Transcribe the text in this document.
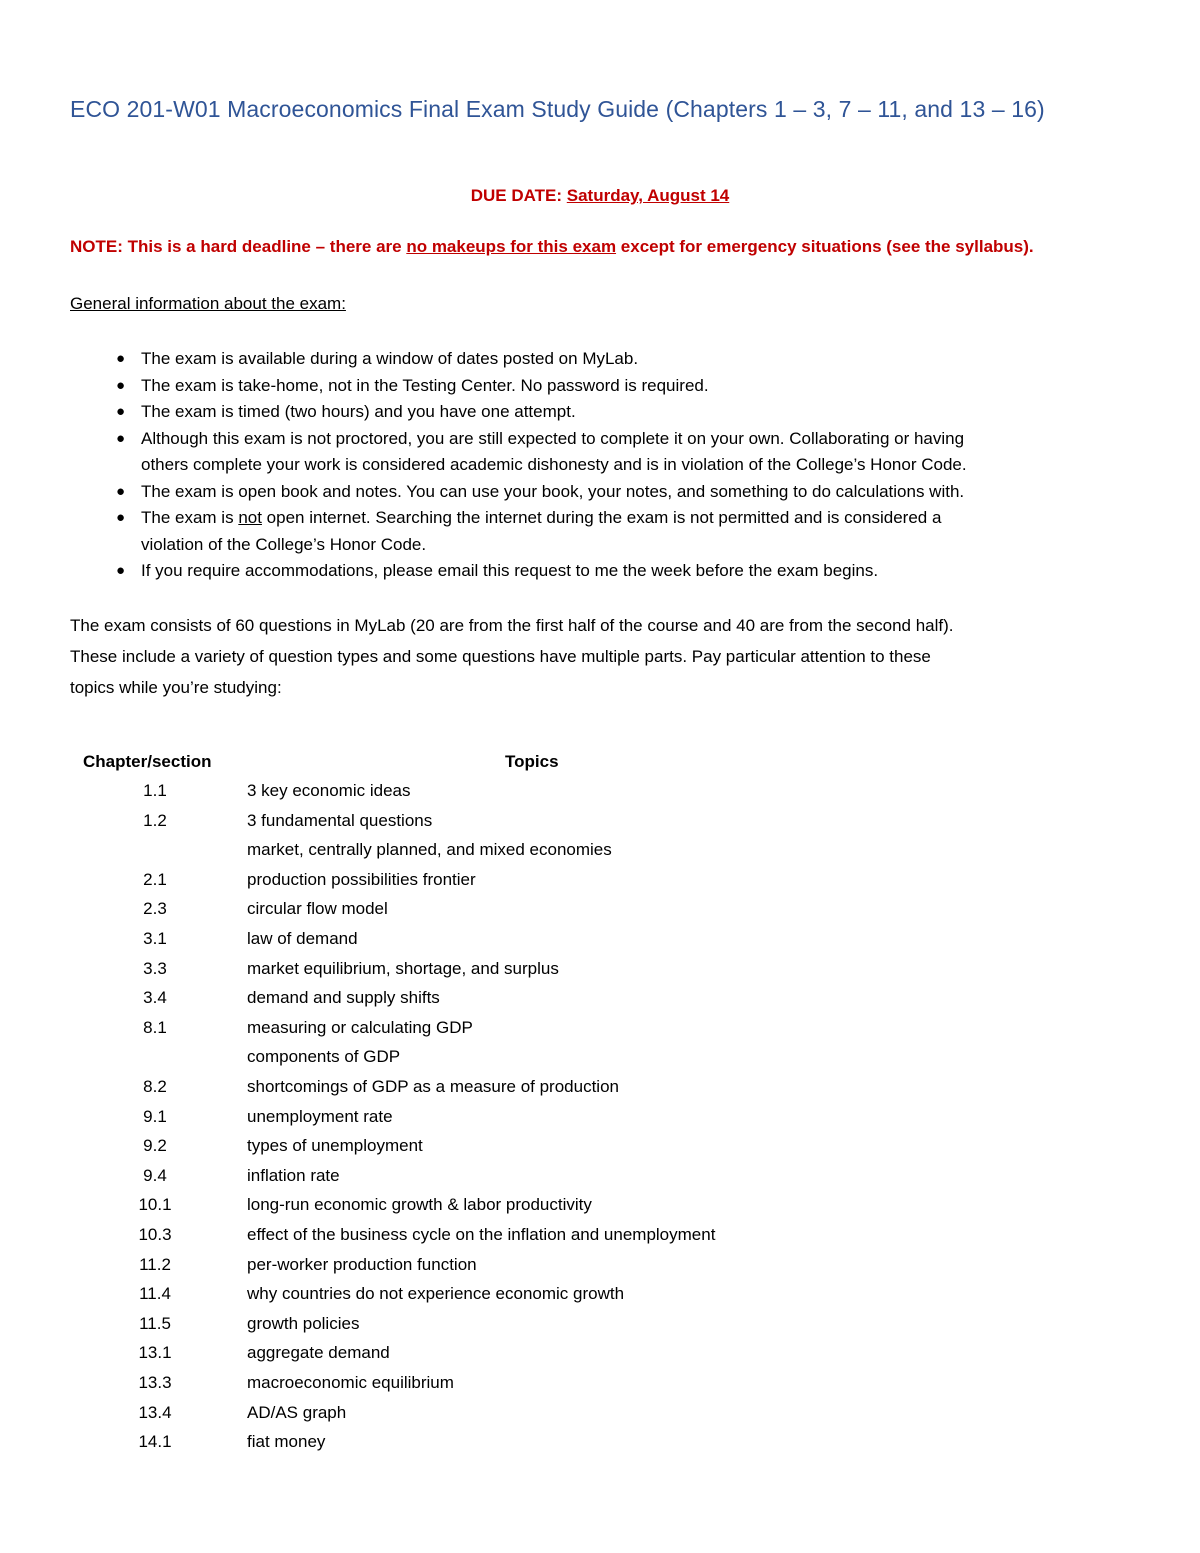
ECO 201-W01 Macroeconomics Final Exam Study Guide (Chapters 1 – 3, 7 – 11, and 13 – 16)
DUE DATE: Saturday, August 14
NOTE: This is a hard deadline – there are no makeups for this exam except for emergency situations (see the syllabus).
General information about the exam:
● The exam is available during a window of dates posted on MyLab.
● The exam is take-home, not in the Testing Center. No password is required.
● The exam is timed (two hours) and you have one attempt.
● Although this exam is not proctored, you are still expected to complete it on your own. Collaborating or having
others complete your work is considered academic dishonesty and is in violation of the College’s Honor Code.
● The exam is open book and notes. You can use your book, your notes, and something to do calculations with.
● The exam is not open internet. Searching the internet during the exam is not permitted and is considered a
violation of the College’s Honor Code.
● If you require accommodations, please email this request to me the week before the exam begins.
The exam consists of 60 questions in MyLab (20 are from the first half of the course and 40 are from the second half).
These include a variety of question types and some questions have multiple parts. Pay particular attention to these
topics while you’re studying:
Chapter/section	Topics
1.1	3 key economic ideas
1.2	3 fundamental questions
market, centrally planned, and mixed economies
2.1	production possibilities frontier
2.3	circular flow model
3.1	law of demand
3.3	market equilibrium, shortage, and surplus
3.4	demand and supply shifts
8.1	measuring or calculating GDP
components of GDP
8.2	shortcomings of GDP as a measure of production
9.1	unemployment rate
9.2	types of unemployment
9.4	inflation rate
10.1	long-run economic growth & labor productivity
10.3	effect of the business cycle on the inflation and unemployment
11.2	per-worker production function
11.4	why countries do not experience economic growth
11.5	growth policies
13.1	aggregate demand
13.3	macroeconomic equilibrium
13.4	AD/AS graph
14.1	fiat money
